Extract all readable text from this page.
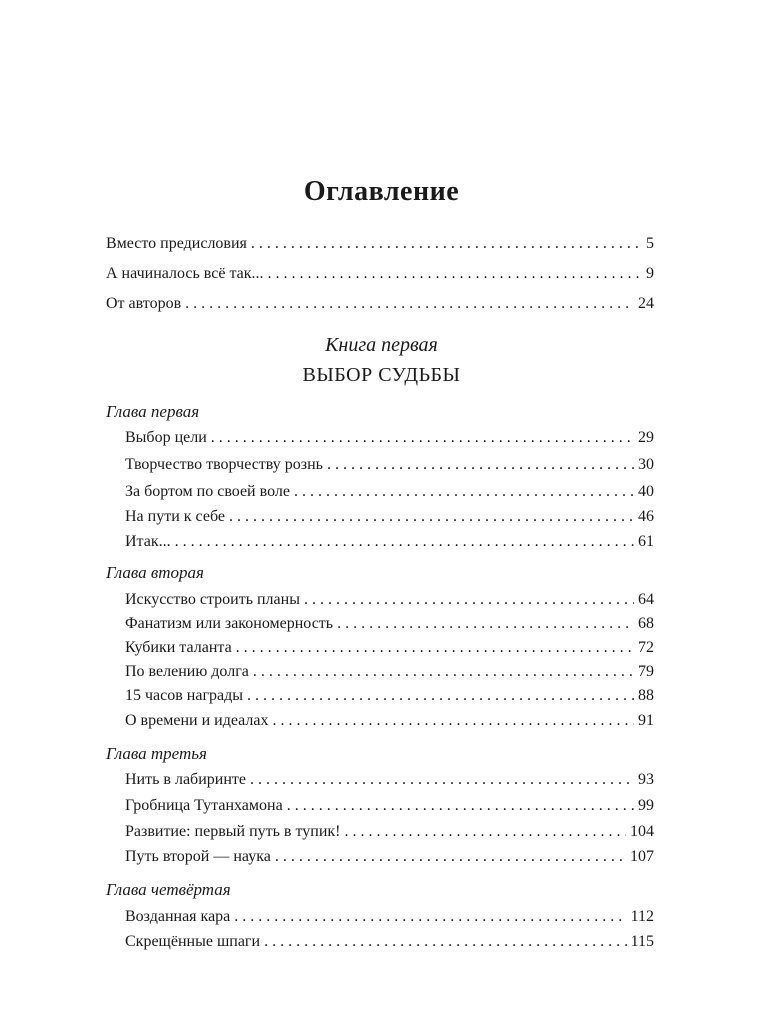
Оглавление
Вместо предисловия . . .	5
А начиналось всё так... . . .	9
От авторов . . .	24
Выбор цели . . .	29
Творчество творчеству рознь . . .	30
За бортом по своей воле . . .	40
На пути к себе . . .	46
Итак... . . .	61
Искусство строить планы . . .	64
Фанатизм или закономерность . . .	68
Кубики таланта . . .	72
По велению долга . . .	79
15 часов награды . . .	88
О времени и идеалах . . .	91
Нить в лабиринте . . .	93
Гробница Тутанхамона . . .	99
Развитие: первый путь в тупик! . . .	104
Путь второй — наука . . .	107
Возданная кара . . .	112
Скрещённые шпаги . . .	115
Книга первая
ВЫБОР СУДЬБЫ
Глава первая
Глава вторая
Глава третья
Глава четвёртая
